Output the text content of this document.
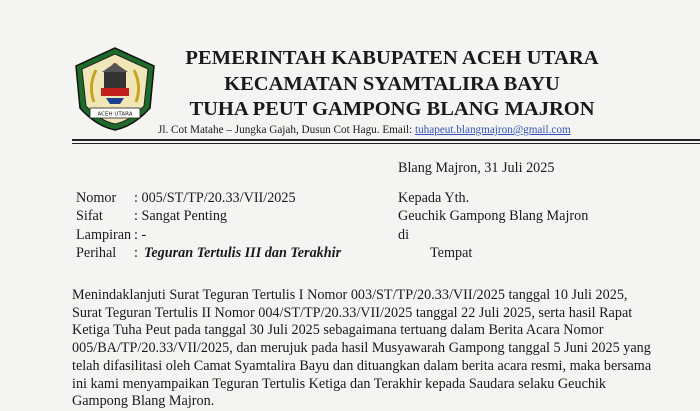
ACEH UTARA
PEMERINTAH KABUPATEN ACEH UTARA
KECAMATAN SYAMTALIRA BAYU
TUHA PEUT GAMPONG BLANG MAJRON
Jl. Cot Matahe – Jungka Gajah, Dusun Cot Hagu. Email: tuhapeut.blangmajron@gmail.com
Blang Majron, 31 Juli 2025
Nomor : 005/ST/TP/20.33/VII/2025
Sifat : Sangat Penting
Lampiran : -
Perihal : Teguran Tertulis III dan Terakhir
Kepada Yth.
Geuchik Gampong Blang Majron
di
Tempat
Menindaklanjuti Surat Teguran Tertulis I Nomor 003/ST/TP/20.33/VII/2025 tanggal 10 Juli 2025,
Surat Teguran Tertulis II Nomor 004/ST/TP/20.33/VII/2025 tanggal 22 Juli 2025, serta hasil Rapat
Ketiga Tuha Peut pada tanggal 30 Juli 2025 sebagaimana tertuang dalam Berita Acara Nomor
005/BA/TP/20.33/VII/2025, dan merujuk pada hasil Musyawarah Gampong tanggal 5 Juni 2025 yang
telah difasilitasi oleh Camat Syamtalira Bayu dan dituangkan dalam berita acara resmi, maka bersama
ini kami menyampaikan Teguran Tertulis Ketiga dan Terakhir kepada Saudara selaku Geuchik
Gampong Blang Majron.
